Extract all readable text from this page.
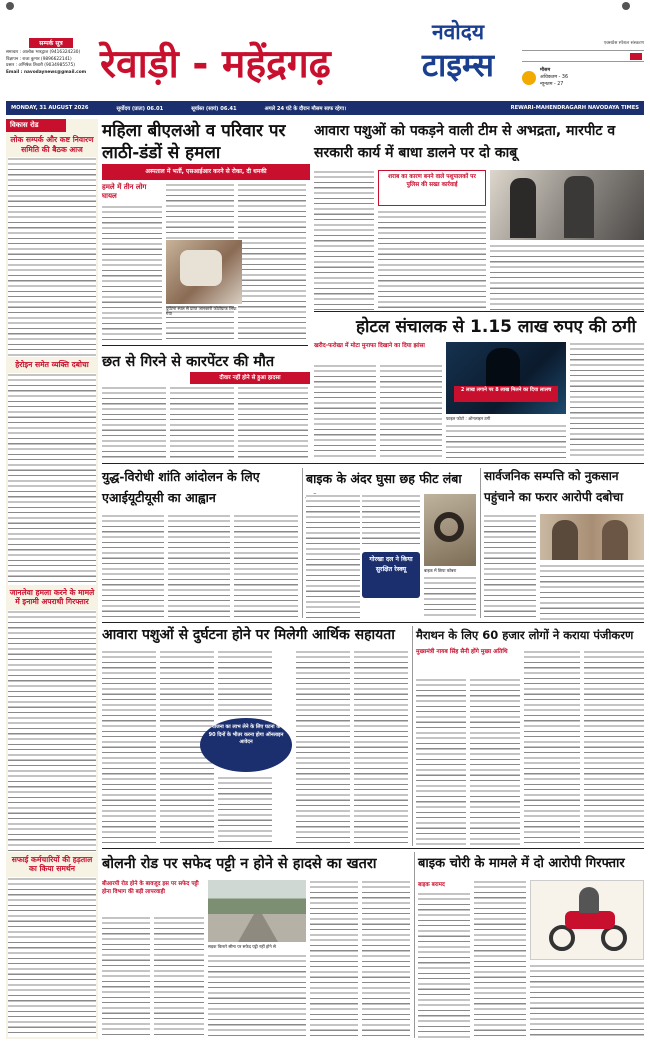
सम्पर्क सूत्र
समाचार : आलोक भारद्वाज (9416324230)
विज्ञापन : राजा कुमार (9896622141)
प्रसार : अभिषेक तिवारी (9034985575)
Email : navodaynews@gmail.com रेवाड़ी - महेंद्रगढ़
नवोदय
टाइम्स
एक्सप्रेस स्पेशल संस्करण
मौसम
अधिकतम - 36
न्यूनतम - 27
MONDAY, 31 AUGUST 2026	सूर्योदय (प्रातः) 06.01	सूर्यास्त (सायं) 06.41	अगले 24 घंटे के दौरान मौसम साफ रहेगा।	REWARI-MAHENDRAGARH NAVODAYA TIMES
विकास रोड
लोक सम्पर्क और कष्ट निवारण समिति की बैठक आज
हेरोइन समेत व्यक्ति दबोचा
जानलेवा हमला करने के मामले में इनामी अपराधी गिरफ्तार
सफाई कर्मचारियों की हड़ताल का किया समर्थन
महिला बीएलओ व परिवार पर लाठी-डंडों से हमला
अस्पताल में भर्ती, एसआईआर करने से रोका, दी धमकी
हमले में तीन लोग घायल
दुर्घटना स्थल से प्राप्त जानकारी फोटोग्राफ लिया गया
छत से गिरने से कारपेंटर की मौत
दीवार नहीं होने से हुआ हादसा
आवारा पशुओं को पकड़ने वाली टीम से अभद्रता, मारपीट व सरकारी कार्य में बाधा डालने पर दो काबू
शराब का कारण बनने वाले पशुपालकों पर पुलिस की सख्त कार्रवाई
होटल संचालक से 1.15 लाख रुपए की ठगी
खरीद-फरोख्त में मोटा मुनाफा दिखाने का दिया झांसा
2 लाख लगाने पर 8 लाख मिलने का दिया लालच
फाइल फोटो : ऑनलाइन ठगी
युद्ध-विरोधी शांति आंदोलन के लिए एआईयूटीयूसी का आह्वान
बाइक के अंदर घुसा छह फीट लंबा
गोरखा दल ने किया सुरक्षित रेस्क्यू	बाइक में छिपा कोबरा
सार्वजनिक सम्पत्ति को नुकसान पहुंचाने का फरार आरोपी दबोचा
आवारा पशुओं से दुर्घटना होने पर मिलेगी आर्थिक सहायता
योजना का लाभ लेने के लिए घटना के 90 दिनों के भीतर करना होगा ऑनलाइन आवेदन
मैराथन के लिए 60 हजार लोगों ने कराया पंजीकरण
मुख्यमंत्री नायब सिंह सैनी होंगे मुख्य अतिथि
बोलनी रोड पर सफेद पट्टी न होने से हादसे का खतरा
बीआरपी रोड होने के बावजूद इस पर सफेद पट्टी होना विभाग की बड़ी लापरवाही
सड़क किनारे सीमा पर सफेद पट्टी नहीं होने से
बाइक चोरी के मामले में दो आरोपी गिरफ्तार
बाइक बरामद
